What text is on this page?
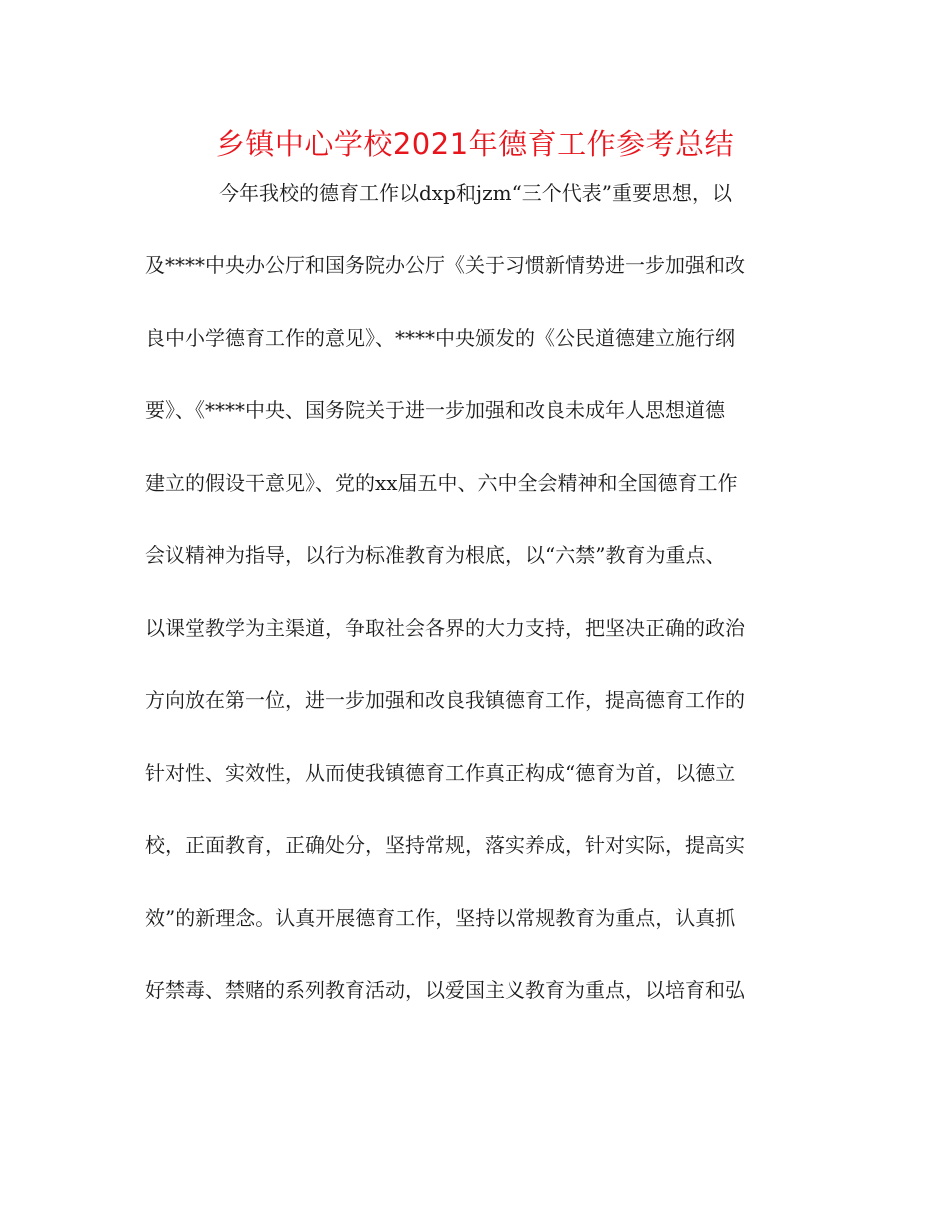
乡镇中心学校2021年德育工作参考总结
今年我校的德育工作以dxp和jzm“三个代表”重要思想，以
及****中央办公厅和国务院办公厅《关于习惯新情势进一步加强和改
良中小学德育工作的意见》、****中央颁发的《公民道德建立施行纲
要》、《****中央、国务院关于进一步加强和改良未成年人思想道德
建立的假设干意见》、党的xx届五中、六中全会精神和全国德育工作
会议精神为指导，以行为标准教育为根底，以“六禁”教育为重点、
以课堂教学为主渠道，争取社会各界的大力支持，把坚决正确的政治
方向放在第一位，进一步加强和改良我镇德育工作，提高德育工作的
针对性、实效性，从而使我镇德育工作真正构成“德育为首，以德立
校，正面教育，正确处分，坚持常规，落实养成，针对实际，提高实
效”的新理念。认真开展德育工作，坚持以常规教育为重点，认真抓
好禁毒、禁赌的系列教育活动，以爱国主义教育为重点，以培育和弘
